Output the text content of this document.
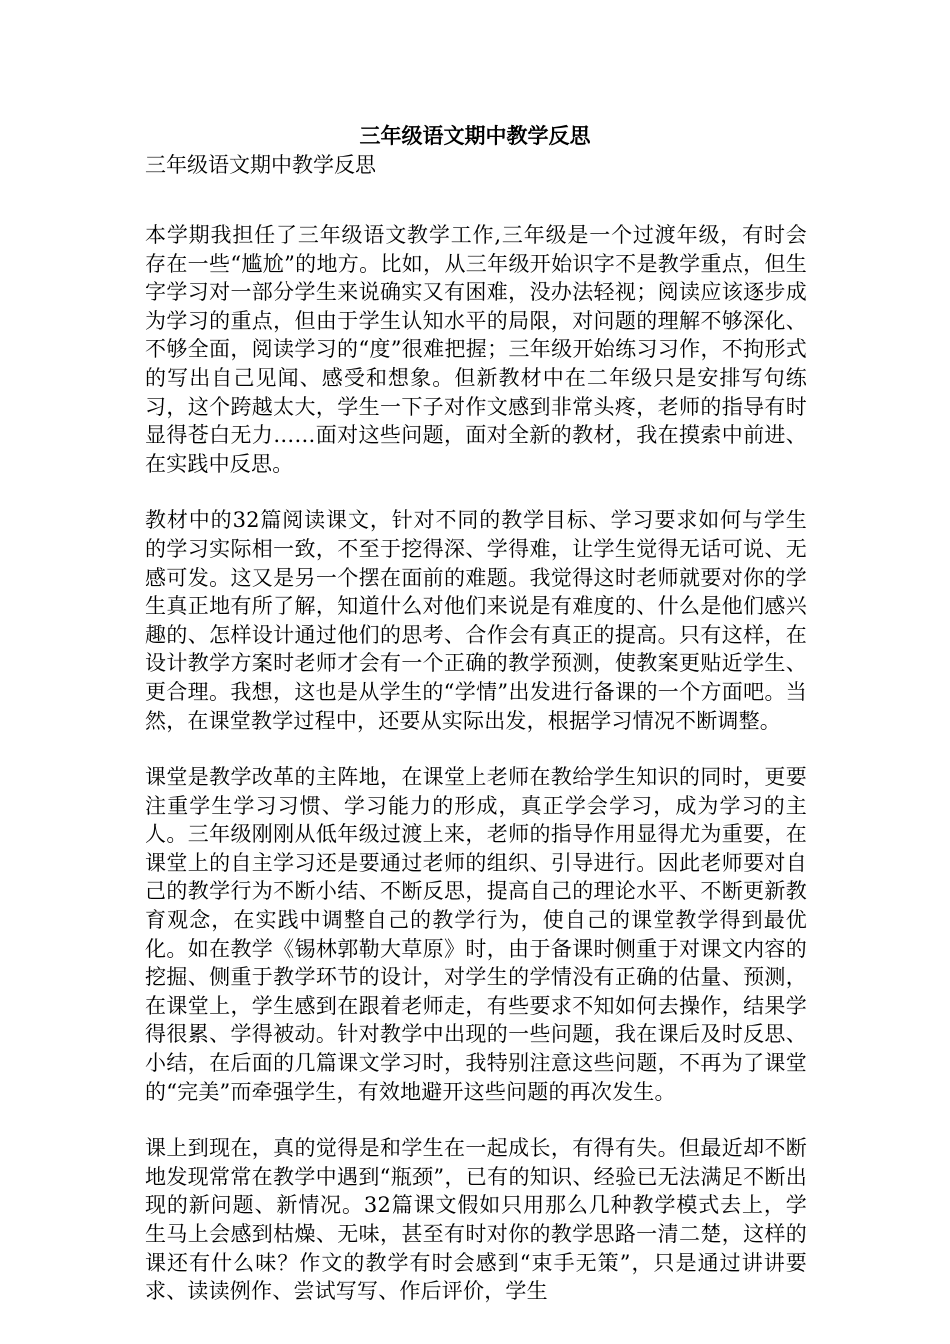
三年级语文期中教学反思

三年级语文期中教学反思

本学期我担任了三年级语文教学工作,三年级是一个过渡年级，有时会存在一些“尴尬”的地方。比如，从三年级开始识字不是教学重点，但生字学习对一部分学生来说确实又有困难，没办法轻视；阅读应该逐步成为学习的重点，但由于学生认知水平的局限，对问题的理解不够深化、不够全面，阅读学习的“度”很难把握；三年级开始练习习作，不拘形式的写出自己见闻、感受和想象。但新教材中在二年级只是安排写句练习，这个跨越太大，学生一下子对作文感到非常头疼，老师的指导有时显得苍白无力……面对这些问题，面对全新的教材，我在摸索中前进、在实践中反思。

教材中的32篇阅读课文，针对不同的教学目标、学习要求如何与学生的学习实际相一致，不至于挖得深、学得难，让学生觉得无话可说、无感可发。这又是另一个摆在面前的难题。我觉得这时老师就要对你的学生真正地有所了解，知道什么对他们来说是有难度的、什么是他们感兴趣的、怎样设计通过他们的思考、合作会有真正的提高。只有这样，在设计教学方案时老师才会有一个正确的教学预测，使教案更贴近学生、更合理。我想，这也是从学生的“学情”出发进行备课的一个方面吧。当然，在课堂教学过程中，还要从实际出发，根据学习情况不断调整。

课堂是教学改革的主阵地，在课堂上老师在教给学生知识的同时，更要注重学生学习习惯、学习能力的形成，真正学会学习，成为学习的主人。三年级刚刚从低年级过渡上来，老师的指导作用显得尤为重要，在课堂上的自主学习还是要通过老师的组织、引导进行。因此老师要对自己的教学行为不断小结、不断反思，提高自己的理论水平、不断更新教育观念，在实践中调整自己的教学行为，使自己的课堂教学得到最优化。如在教学《锡林郭勒大草原》时，由于备课时侧重于对课文内容的挖掘、侧重于教学环节的设计，对学生的学情没有正确的估量、预测，在课堂上，学生感到在跟着老师走，有些要求不知如何去操作，结果学得很累、学得被动。针对教学中出现的一些问题，我在课后及时反思、小结，在后面的几篇课文学习时，我特别注意这些问题，不再为了课堂的“完美”而牵强学生，有效地避开这些问题的再次发生。

课上到现在，真的觉得是和学生在一起成长，有得有失。但最近却不断地发现常常在教学中遇到“瓶颈”，已有的知识、经验已无法满足不断出现的新问题、新情况。32篇课文假如只用那么几种教学模式去上，学生马上会感到枯燥、无味，甚至有时对你的教学思路一清二楚，这样的课还有什么味？作文的教学有时会感到“束手无策”，只是通过讲讲要求、读读例作、尝试写写、作后评价，学生
